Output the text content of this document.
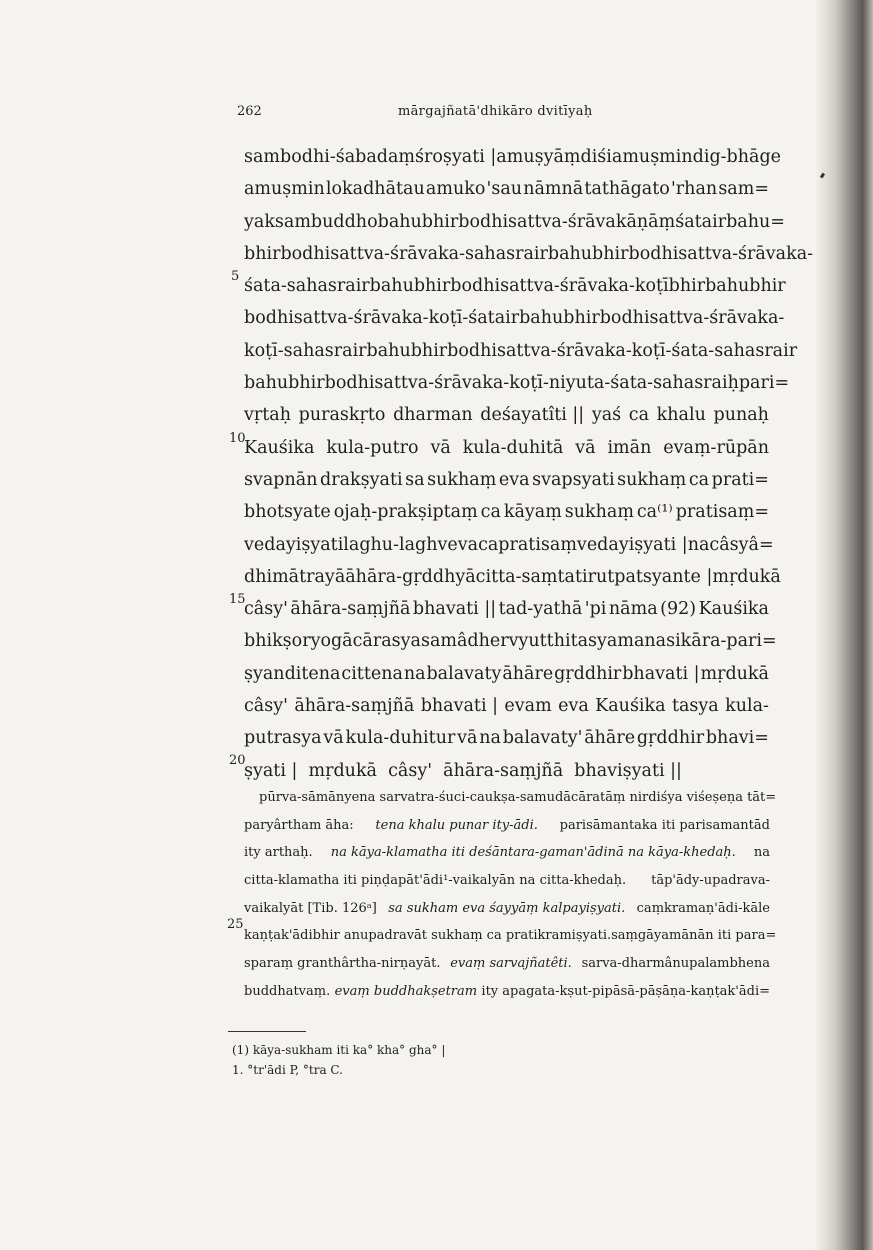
262	mārgajñatā'dhikāro dvitīyaḥ
5
10
15
20
25
sambodhi-śabadaṃ śroṣyati | amuṣyāṃ diśi amuṣmin dig-bhāge
amuṣmin lokadhātau amuko 'sau nāmnā tathāgato 'rhan sam=
yaksambuddho bahubhir bodhisattva-śrāvakāṇāṃ śatair bahu=
bhir bodhisattva-śrāvaka-sahasrair bahubhir bodhisattva-śrāvaka-
śata-sahasrair bahubhir bodhisattva-śrāvaka-koṭībhir bahubhir
bodhisattva-śrāvaka-koṭī-śatair bahubhir bodhisattva-śrāvaka-
koṭī-sahasrair bahubhir bodhisattva-śrāvaka-koṭī-śata-sahasrair
bahubhir bodhisattva-śrāvaka-koṭī-niyuta-śata-sahasraiḥ pari=
vṛtaḥ puraskṛto dharman deśayatîti || yaś ca khalu punaḥ
Kauśika kula-putro vā kula-duhitā vā imān evaṃ-rūpān
svapnān drakṣyati sa sukhaṃ eva svapsyati sukhaṃ ca prati=
bhotsyate ojaḥ-prakṣiptaṃ ca kāyaṃ sukhaṃ ca⁽¹⁾ pratisaṃ=
vedayiṣyati laghu-laghv eva ca pratisaṃvedayiṣyati | na câsyâ=
dhimātrayā āhāra-gṛddhyā citta-saṃtatir utpatsyante | mṛdukā
câsy' āhāra-saṃjñā bhavati || tad-yathā 'pi nāma (92) Kauśika
bhikṣor yogācārasya samâdher vyutthitasya manasikāra-pari=
ṣyanditena cittena na balavaty āhāre gṛddhir bhavati | mṛdukā
câsy' āhāra-saṃjñā bhavati | evam eva Kauśika tasya kula-
putrasya vā kula-duhitur vā na balavaty' āhāre gṛddhir bhavi=
ṣyati |  mṛdukā  câsy'  āhāra-saṃjñā  bhaviṣyati ||
pūrva-sāmānyena sarvatra-śuci-caukṣa-samudācāratāṃ nirdiśya viśeṣeṇa tāt=
paryârtham āha: tena khalu punar ity-ādi. parisāmantaka iti parisamantād
ity arthaḥ. na kāya-klamatha iti deśāntara-gaman'ādinā na kāya-khedaḥ. na
citta-klamatha iti piṇḍapāt'ādi¹-vaikalyān na citta-khedaḥ. tāp'ādy-upadrava-
vaikalyāt [Tib. 126ᵃ] sa sukham eva śayyāṃ kalpayiṣyati. caṃkramaṇ'ādi-kāle
kaṇṭak'ādibhir anupadravāt sukhaṃ ca pratikramiṣyati. saṃgāyamānān iti para=
sparaṃ granthârtha-nirṇayāt. evaṃ sarvajñatêti. sarva-dharmânupalambhena
buddhatvaṃ. evaṃ buddhakṣetram ity apagata-kṣut-pipāsā-pāṣāṇa-kaṇṭak'ādi=
(1) kāya-sukham iti ka° kha° gha° |
1. °tr'ādi P, °tra C.
